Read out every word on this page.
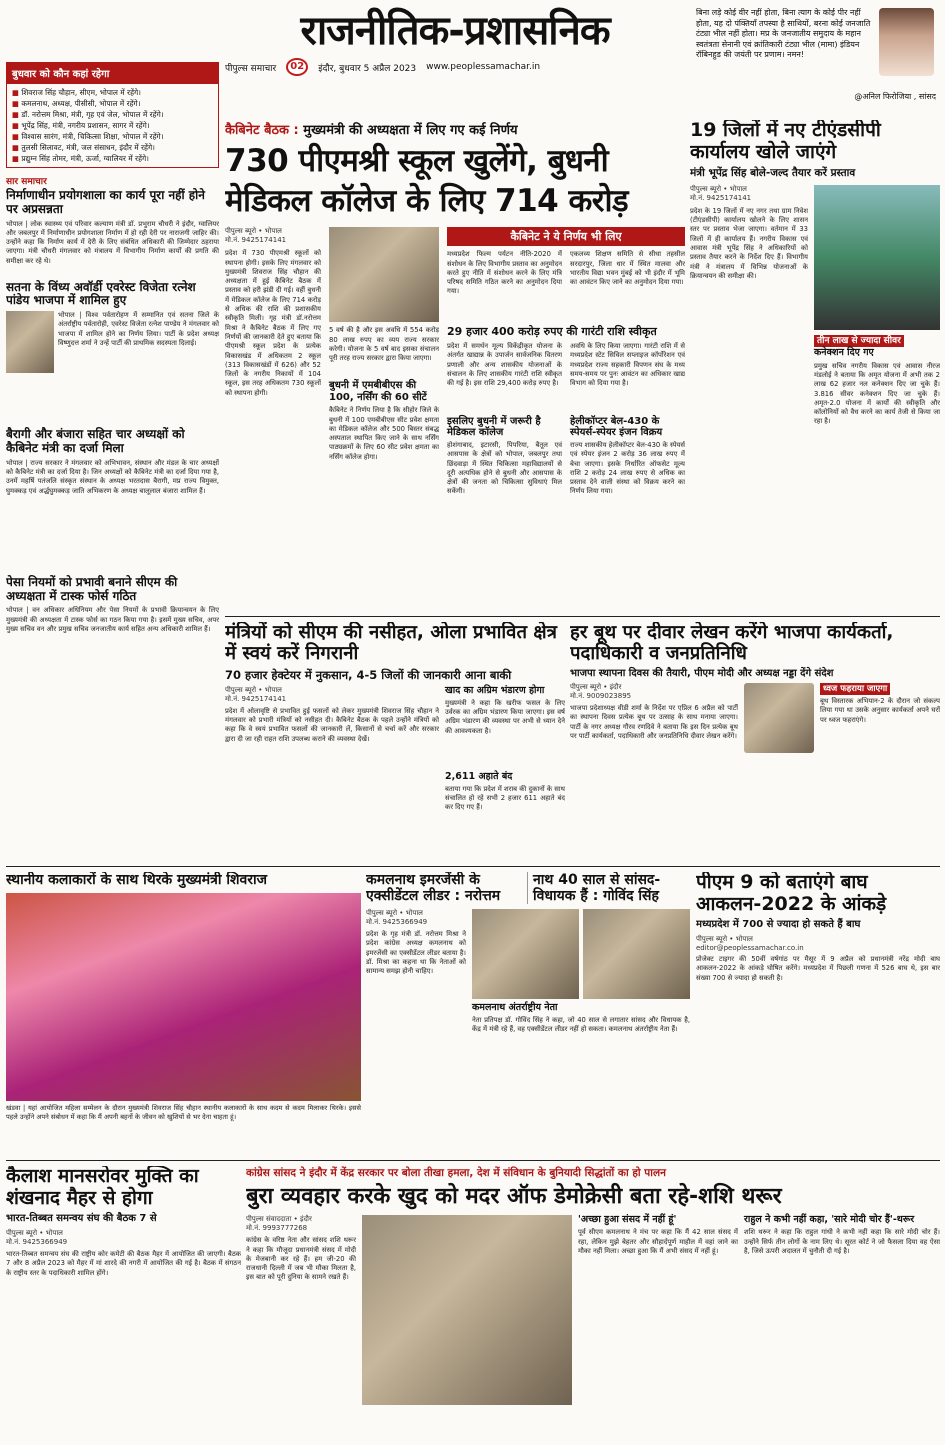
राजनीतिक-प्रशासनिक
पीपुल्स समाचार	02	इंदौर, बुधवार 5 अप्रैल 2023 www.peoplessamachar.in
बिना लड़े कोई वीर नहीं होता, बिना त्याग के कोई पीर नहीं होता, यह दो पंक्तियाँ तपस्या है साथियों, बरना कोई जनजाति टंट्या भील नहीं होता। मप्र के जनजातीय समुदाय के महान स्वतंत्रता सेनानी एवं क्रांतिकारी टंट्या भील (मामा) इंडियन रॉबिनहुड की जयंती पर प्रणाम। नमन!
@अनिल फिरोजिया , सांसद
बुधवार को कौन कहां रहेगा
■ शिवराज सिंह चौहान, सीएम, भोपाल में रहेंगे।
■ कमलनाथ, अध्यक्ष, पीसीसी, भोपाल में रहेंगे।
■ डॉ. नरोत्तम मिश्रा, मंत्री, गृह एवं जेल, भोपाल में रहेंगे।
■ भूपेंद्र सिंह, मंत्री, नगरीय प्रशासन, सागर में रहेंगे।
■ विश्वास सारंग, मंत्री, चिकित्सा शिक्षा, भोपाल में रहेंगे।
■ तुलसी सिलावट, मंत्री, जल संसाधन, इंदौर में रहेंगे।
■ प्रद्युम्न सिंह तोमर, मंत्री, ऊर्जा, ग्वालियर में रहेंगे।
सार समाचार
निर्माणाधीन प्रयोगशाला का कार्य पूरा नहीं होने पर अप्रसन्नता
भोपाल | लोक स्वास्थ्य एवं परिवार कल्याण मंत्री डॉ. प्रभुराम चौधरी ने इंदौर, ग्वालियर और जबलपुर में निर्माणाधीन प्रयोगशाला निर्माण में हो रही देरी पर नाराजगी जाहिर की। उन्होंने कहा कि निर्माण कार्य में देरी के लिए संबंधित अधिकारी की जिम्मेदार ठहराया जाएगा। मंत्री चौधरी मंगलवार को मंत्रालय में विभागीय निर्माण कार्यों की प्रगति की समीक्षा कर रहे थे।
सतना के विंध्य अवॉर्डी एवरेस्ट विजेता रत्नेश पांडेय भाजपा में शामिल हुए
भोपाल | विश्व पर्वतारोहण में सम्मानित एवं सतना जिले के अंतर्राष्ट्रीय पर्वतारोही, एवरेस्ट विजेता रत्नेश पाण्डेय ने मंगलवार को भाजपा में शामिल होने का निर्णय लिया। पार्टी के प्रदेश अध्यक्ष विष्णुदत्त शर्मा ने उन्हें पार्टी की प्राथमिक सदस्यता दिलाई।
बैरागी और बंजारा सहित चार अध्यक्षों को कैबिनेट मंत्री का दर्जा मिला
भोपाल | राज्य सरकार ने मंगलवार को अभिभावन, संस्थान और मंडल के चार अध्यक्षों को कैबिनेट मंत्री का दर्जा दिया है। जिन अध्यक्षों को कैबिनेट मंत्री का दर्जा दिया गया है, उनमें महर्षि पतंजलि संस्कृत संस्थान के अध्यक्ष भरतदास बैरागी, मप्र राज्य विमुक्त, घुमक्कड़ एवं अर्द्धघुमक्कड़ जाति अभिकरण के अध्यक्ष बालूलाल बंजारा शामिल हैं।
पेसा नियमों को प्रभावी बनाने सीएम की अध्यक्षता में टास्क फोर्स गठित
भोपाल | वन अधिकार अधिनियम और पेसा नियमों के प्रभावी क्रियान्वयन के लिए मुख्यमंत्री की अध्यक्षता में टास्क फोर्स का गठन किया गया है। इसमें मुख्य सचिव, अपर मुख्य सचिव वन और प्रमुख सचिव जनजातीय कार्य सहित अन्य अधिकारी शामिल हैं।
कैबिनेट बैठक : मुख्यमंत्री की अध्यक्षता में लिए गए कई निर्णय
730 पीएमश्री स्कूल खुलेंगे, बुधनी
मेडिकल कॉलेज के लिए 714 करोड़
पीपुल्स ब्यूरो • भोपाल
मो.नं. 9425174141
प्रदेश में 730 पीएमश्री स्कूलों को स्थापना होगी। इसके लिए मंगलवार को मुख्यमंत्री शिवराज सिंह चौहान की अध्यक्षता में हुई कैबिनेट बैठक में प्रस्ताव को हरी झंडी दी गई। वहीं बुधनी में मेडिकल कॉलेज के लिए 714 करोड़ से अधिक की राशि की प्रशासकीय स्वीकृति मिली। गृह मंत्री डॉ.नरोत्तम मिश्रा ने कैबिनेट बैठक में लिए गए निर्णयों की जानकारी देते हुए बताया कि पीएमश्री स्कूल प्रदेश के प्रत्येक विकासखंड में अधिकतम 2 स्कूल (313 विकासखंडों में 626) और 52 जिलों के नगरीय निकायों में 104 स्कूल, इस तरह अधिकतम 730 स्कूलों को स्थापना होगी।
5 वर्ष की है और इस अवधि में 554 करोड़ 80 लाख रुपए का व्यय राज्य सरकार करेगी। योजना के 5 वर्ष बाद इसका संचालन पूरी तरह राज्य सरकार द्वारा किया जाएगा।
बुधनी में एमबीबीएस की 100, नर्सिंग की 60 सीटें
कैबिनेट ने निर्णय लिया है कि सीहोर जिले के बुधनी में 100 एमबीबीएस सीट प्रवेश क्षमता का मेडिकल कॉलेज और 500 बिस्तर संबद्ध अस्पताल स्थापित किए जाने के साथ नर्सिंग पाठ्यक्रमों के लिए 60 सीट प्रवेश क्षमता का नर्सिंग कॉलेज होगा।
कैबिनेट ने ये निर्णय भी लिए
मध्यप्रदेश फिल्म पर्यटन नीति-2020 में संशोधन के लिए विभागीय प्रस्ताव का अनुमोदन करते हुए नीति में संशोधन करने के लिए मंत्रि परिषद समिति गठित करने का अनुमोदन दिया गया।
एकलव्य शिक्षण समिति से सीधा तहसील सरदारपुर, जिला धार में स्थित मालवा और भारतीय विद्या भवन मुंबई को भी इंदौर में भूमि का आवंटन किए जाने का अनुमोदन दिया गया।
29 हजार 400 करोड़ रुपए की गारंटी राशि स्वीकृत
प्रदेश में समर्थन मूल्य विकेंद्रीकृत योजना के अंतर्गत खाद्यान्न के उपार्जन सार्वजनिक वितरण प्रणाली और अन्य शासकीय योजनाओं के संचालन के लिए शासकीय गारंटी राशि स्वीकृत की गई है। इस राशि 29,400 करोड़ रुपए है।
अवधि के लिए किया जाएगा। गारंटी राशि में से मध्यप्रदेश स्टेट सिविल सप्लाइज कॉर्पोरेशन एवं मध्यप्रदेश राज्य सहकारी विपणन संघ के मध्य समय-समय पर पुनः आवंटन का अधिकार खाद्य विभाग को दिया गया है।
इसलिए बुधनी में जरूरी है मेडिकल कॉलेज
होशंगाबाद, इटारसी, पिपरिया, बैतूल एवं आसपास के क्षेत्रों को भोपाल, जबलपुर तथा छिंदवाड़ा में स्थित चिकित्सा महाविद्यालयों से दूरी अत्यधिक होने से बुधनी और आसपास के क्षेत्रों की जनता को चिकित्सा सुविधाएं मिल सकेंगी।
हेलीकॉप्टर बेल-430 के स्पेयर्स-स्पेयर इंजन विक्रय
राज्य शासकीय हेलीकॉप्टर बेल-430 के स्पेयर्स एवं स्पेयर इंजन 2 करोड़ 36 लाख रुपए में बेचा जाएगा। इसके निर्धारित ऑफसेट मूल्य राशि 2 करोड़ 24 लाख रुपए से अधिक का प्रस्ताव देने वाली संस्था को विक्रय करने का निर्णय लिया गया।
19 जिलों में नए टीएंडसीपी कार्यालय खोले जाएंगे
मंत्री भूपेंद्र सिंह बोले-जल्द तैयार करें प्रस्ताव
पीपुल्स ब्यूरो • भोपाल
मो.नं. 9425174141
प्रदेश के 19 जिलों में नए नगर तथा ग्राम निवेश (टीएंडसीपी) कार्यालय खोलने के लिए शासन स्तर पर प्रस्ताव भेजा जाएगा। वर्तमान में 33 जिलों में ही कार्यालय हैं। नगरीय विकास एवं आवास मंत्री भूपेंद्र सिंह ने अधिकारियों को प्रस्ताव तैयार करने के निर्देश दिए हैं। विभागीय मंत्री ने मंत्रालय में विभिन्न योजनाओं के क्रियान्वयन की समीक्षा की।
तीन लाख से ज्यादा सीवर
कनेक्शन दिए गए
प्रमुख सचिव नगरीय विकास एवं आवास नीरज मंडलोई ने बताया कि अमृत योजना में अभी तक 2 लाख 62 हजार नल कनेक्शन दिए जा चुके हैं। 3.816 सीवर कनेक्शन दिए जा चुके हैं। अमृत-2.0 योजना में कार्यों की स्वीकृति और कॉलोनियों को वैध करने का कार्य तेजी से किया जा रहा है।
मंत्रियों को सीएम की नसीहत, ओला प्रभावित क्षेत्र में स्वयं करें निगरानी
70 हजार हेक्टेयर में नुकसान, 4-5 जिलों की जानकारी आना बाकी
पीपुल्स ब्यूरो • भोपाल
मो.नं. 9425174141
प्रदेश में ओलावृष्टि से प्रभावित हुई फसलों को लेकर मुख्यमंत्री शिवराज सिंह चौहान ने मंगलवार को प्रभारी मंत्रियों को नसीहत दी। कैबिनेट बैठक के पहले उन्होंने मंत्रियों को कहा कि वे स्वयं प्रभावित फसलों की जानकारी लें, किसानों से चर्चा करें और सरकार द्वारा दी जा रही राहत राशि उपलब्ध कराने की व्यवस्था देखें।
खाद का अग्रिम भंडारण होगा
मुख्यमंत्री ने कहा कि खरीफ फसल के लिए उर्वरक का अग्रिम भंडारण किया जाएगा। इस वर्ष अग्रिम भंडारण की व्यवस्था पर अभी से ध्यान देने की आवश्यकता है।
2,611 अहाते बंद
बताया गया कि प्रदेश में शराब की दुकानों के साथ संचालित हो रहे सभी 2 हजार 611 अहाते बंद कर दिए गए हैं।
हर बूथ पर दीवार लेखन करेंगे भाजपा कार्यकर्ता, पदाधिकारी व जनप्रतिनिधि
भाजपा स्थापना दिवस की तैयारी, पीएम मोदी और अध्यक्ष नड्डा देंगे संदेश
पीपुल्स ब्यूरो • इंदौर
मो.नं. 9009023895
भाजपा प्रदेशाध्यक्ष वीडी शर्मा के निर्देश पर एप्रिल 6 अप्रैल को पार्टी का स्थापना दिवस प्रत्येक बूथ पर उत्साह के साथ मनाया जाएगा। पार्टी के नगर अध्यक्ष गौरव रणदिवे ने बताया कि इस दिन प्रत्येक बूथ पर पार्टी कार्यकर्ता, पदाधिकारी और जनप्रतिनिधि दीवार लेखन करेंगे।
ध्वज फहराया जाएगा
बूथ विस्तारक अभियान-2 के दौरान जो संकल्प लिया गया था उसके अनुसार कार्यकर्ता अपने घरों पर ध्वज फहराएंगे।
स्थानीय कलाकारों के साथ थिरके मुख्यमंत्री शिवराज
खंडवा | यहां आयोजित महिला सम्मेलन के दौरान मुख्यमंत्री शिवराज सिंह चौहान स्थानीय कलाकारों के साथ कदम से कदम मिलाकर थिरके। इससे पहले उन्होंने अपने संबोधन में कहा कि मैं अपनी बहनों के जीवन को खुशियों से भर देना चाहता हूं।
कमलनाथ इमरजेंसी के एक्सीडेंटल लीडर : नरोत्तम
नाथ 40 साल से सांसद-विधायक हैं : गोविंद सिंह
पीपुल्स ब्यूरो • भोपाल
मो.नं. 9425366949
प्रदेश के गृह मंत्री डॉ. नरोत्तम मिश्रा ने प्रदेश कांग्रेस अध्यक्ष कमलनाथ को इमरजेंसी का एक्सीडेंटल लीडर बताया है। डॉ. मिश्रा का कहना था कि नेताओं को सामान्य समझ होनी चाहिए।
कमलनाथ अंतर्राष्ट्रीय नेता
नेता प्रतिपक्ष डॉ. गोविंद सिंह ने कहा, जो 40 साल से लगातार सांसद और विधायक है, केंद्र में मंत्री रहे हैं, वह एक्सीडेंटल लीडर नहीं हो सकता। कमलनाथ अंतर्राष्ट्रीय नेता हैं।
पीएम 9 को बताएंगे बाघ आकलन-2022 के आंकड़े
मध्यप्रदेश में 700 से ज्यादा हो सकते हैं बाघ
पीपुल्स ब्यूरो • भोपाल
editor@peoplessamachar.co.in
प्रोजेक्ट टाइगर की 50वीं वर्षगांठ पर मैसूर में 9 अप्रैल को प्रधानमंत्री नरेंद्र मोदी बाघ आकलन-2022 के आंकड़े घोषित करेंगे। मध्यप्रदेश में पिछली गणना में 526 बाघ थे, इस बार संख्या 700 से ज्यादा हो सकती है।
कैलाश मानसरोवर मुक्ति का शंखनाद मैहर से होगा
भारत-तिब्बत समन्वय संघ की बैठक 7 से
पीपुल्स ब्यूरो • भोपाल
मो.नं. 9425366949
भारत-तिब्बत समन्वय संघ की राष्ट्रीय कोर कमेटी की बैठक मैहर में आयोजित की जाएगी। बैठक 7 और 8 अप्रैल 2023 को मैहर में मां शारदे की नगरी में आयोजित की गई है। बैठक में संगठन के राष्ट्रीय स्तर के पदाधिकारी शामिल होंगे।
कांग्रेस सांसद ने इंदौर में केंद्र सरकार पर बोला तीखा हमला, देश में संविधान के बुनियादी सिद्धांतों का हो पालन
बुरा व्यवहार करके खुद को मदर ऑफ डेमोक्रेसी बता रहे-शशि थरूर
पीपुल्स संवाददाता • इंदौर
मो.नं. 9993777268
कांग्रेस के वरिष्ठ नेता और सांसद शशि थरूर ने कहा कि मौजूदा प्रधानमंत्री संसद में मोदी के मेजबानी कर रहे हैं। हम जी-20 की राजधानी दिल्ली में जब भी मौका मिलता है, इस बात को पूरी दुनिया के सामने रखते हैं।
'अच्छा हुआ संसद में नहीं हूं'
पूर्व सीएम कमलनाथ ने मंच पर कहा कि मैं 42 साल संसद में रहा, लेकिन मुझे बेहतर और सौहार्दपूर्ण माहौल में वहां जाने का मौका नहीं मिला। अच्छा हुआ कि मैं अभी संसद में नहीं हूं।
राहुल ने कभी नहीं कहा, 'सारे मोदी चोर हैं'-थरूर
शशि थरूर ने कहा कि राहुल गांधी ने कभी नहीं कहा कि सारे मोदी चोर हैं। उन्होंने सिर्फ तीन लोगों के नाम लिए थे। सूरत कोर्ट ने जो फैसला दिया वह ऐसा है, जिसे ऊपरी अदालत में चुनौती दी गई है।
